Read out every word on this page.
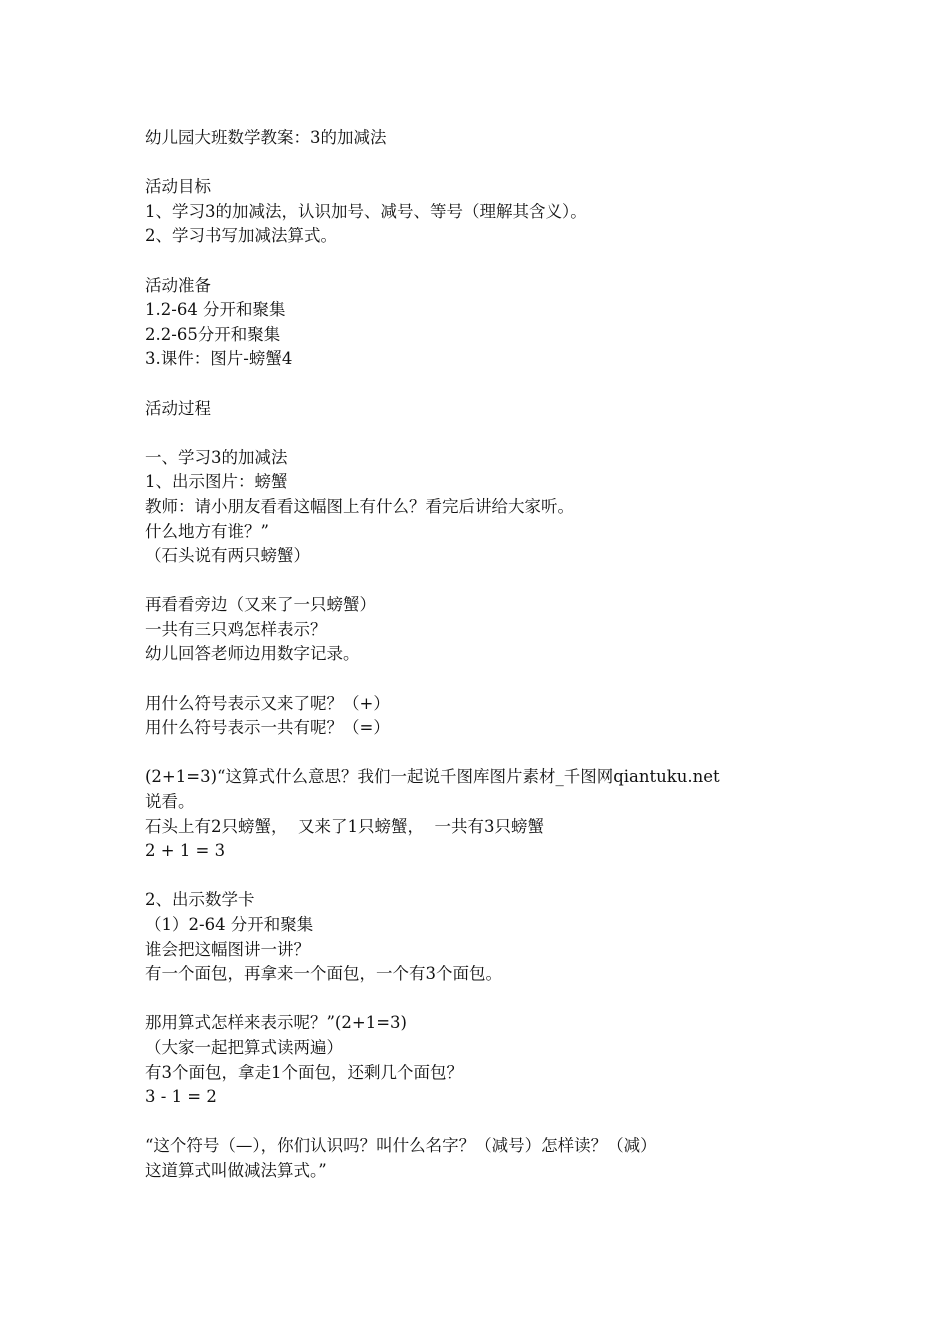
幼儿园大班数学教案：3的加减法
活动目标
1、学习3的加减法，认识加号、减号、等号（理解其含义）。
2、学习书写加减法算式。
活动准备
1.2-64 分开和聚集
2.2-65分开和聚集
3.课件：图片-螃蟹4
活动过程
一、学习3的加减法
1、出示图片：螃蟹
教师：请小朋友看看这幅图上有什么？看完后讲给大家听。
什么地方有谁？”
（石头说有两只螃蟹）
再看看旁边（又来了一只螃蟹）
一共有三只鸡怎样表示？
幼儿回答老师边用数字记录。
用什么符号表示又来了呢？（+）
用什么符号表示一共有呢？（=）
(2+1=3)“这算式什么意思？我们一起说千图库图片素材_千图网qiantuku.net
说看。
石头上有2只螃蟹，  又来了1只螃蟹，  一共有3只螃蟹
2 + 1 = 3
2、出示数学卡
（1）2-64 分开和聚集
谁会把这幅图讲一讲？
有一个面包，再拿来一个面包，一个有3个面包。
那用算式怎样来表示呢？”(2+1=3)
（大家一起把算式读两遍）
有3个面包，拿走1个面包，还剩几个面包？
3 - 1 = 2
“这个符号（—），你们认识吗？叫什么名字？（减号）怎样读？（减）
这道算式叫做减法算式。”
